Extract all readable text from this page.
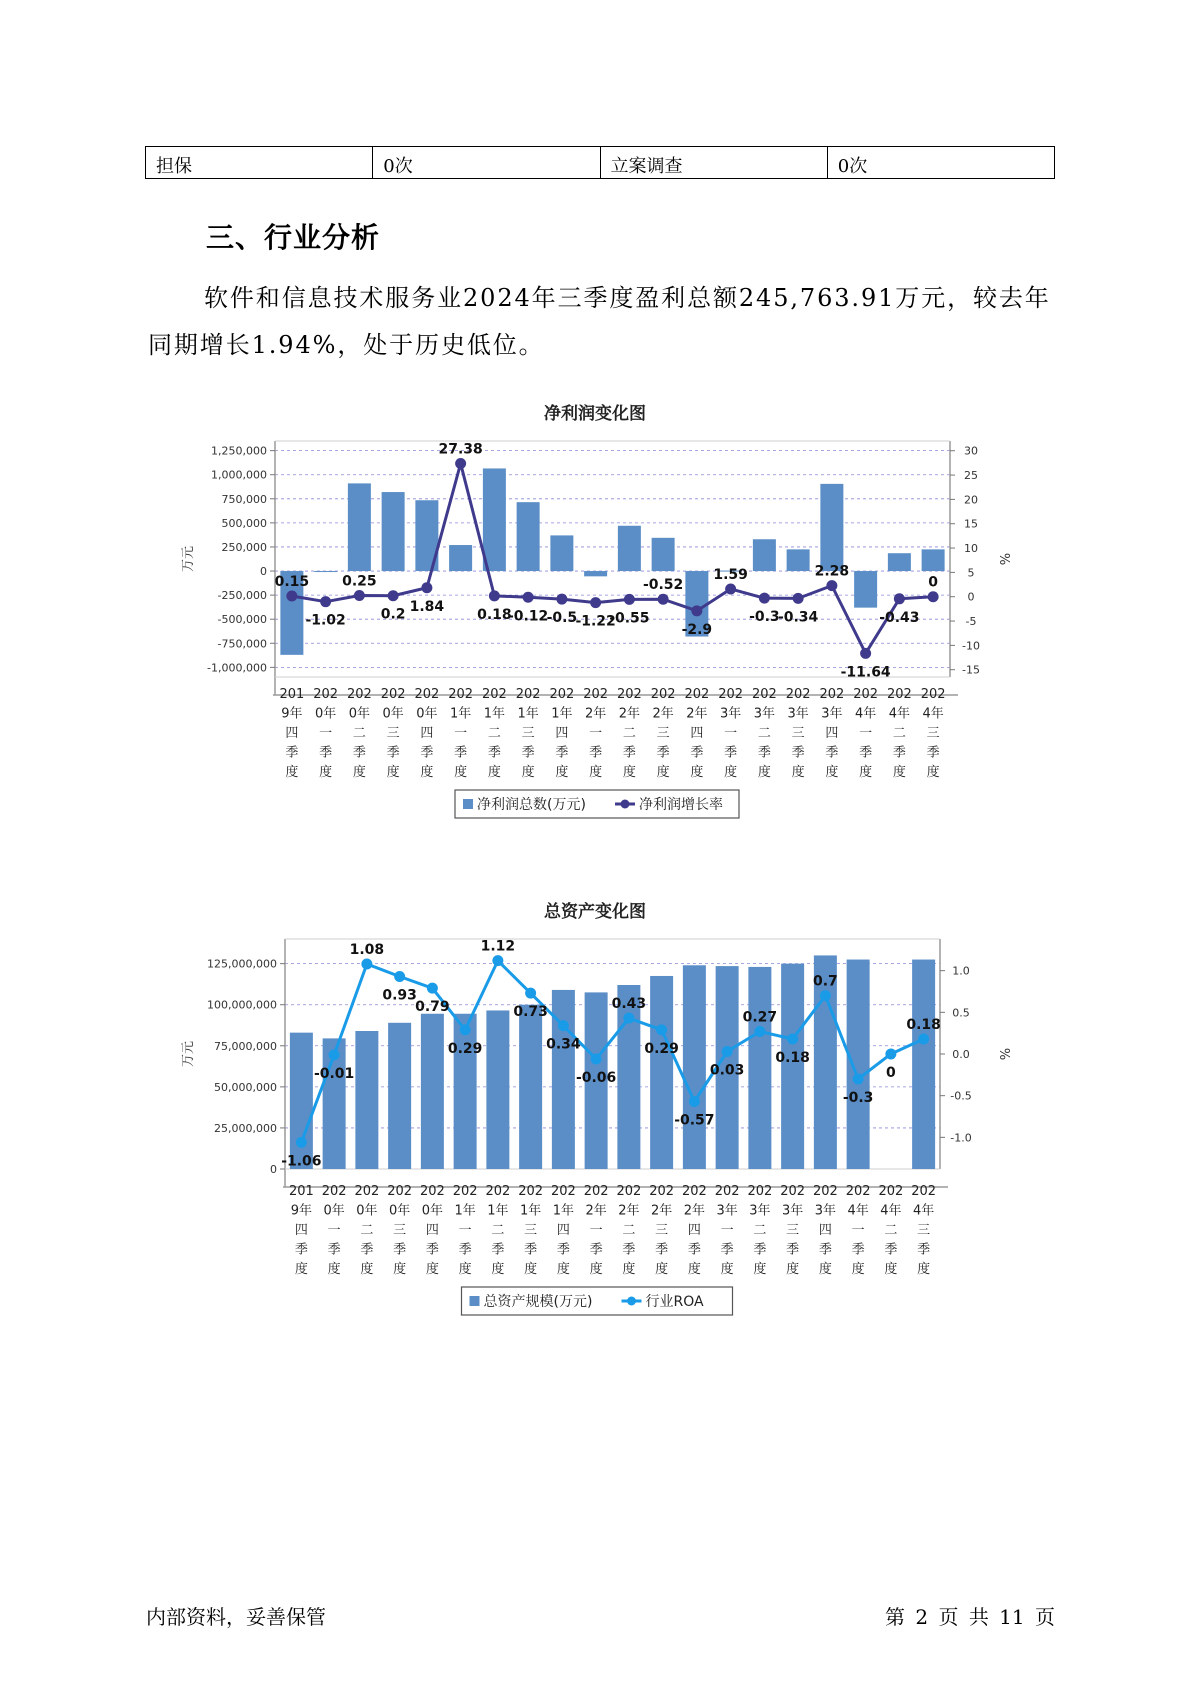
担保	0次	立案调查	0次
三、行业分析
软件和信息技术服务业2024年三季度盈利总额245,763.91万元，较去年同期增长1.94%，处于历史低位。
净利润变化图
-1,000,000
-750,000
-500,000
-250,000
0
250,000
500,000
750,000
1,000,000
1,250,000
-15
-10
-5
0
5
10
15
20
25
30
万元	%
0.15
-1.02
0.25
0.2 1.84
27.38
0.18
-0.12
-0.5
-1.22
-0.55
-0.52
-2.9
1.59
-0.3
-0.34
2.28
-11.64
-0.43
0
201 9年四季度
202 0年一季度
202 0年二季度
202 0年三季度
202 0年四季度
202 1年一季度
202 1年二季度
202 1年三季度
202 1年四季度
202 2年一季度
202 2年二季度
202 2年三季度
202 2年四季度
202 3年一季度
202 3年二季度
202 3年三季度
202 3年四季度
202 4年一季度
202 4年二季度
202 4年三季度
净利润总数(万元)	净利润增长率
总资产变化图
0
25,000,000
50,000,000
75,000,000
100,000,000
125,000,000
-1.0
-0.5
0.0
0.5
1.0
万元	%
-1.06
-0.01
1.08
0.93
0.79
0.29
1.12
0.73
0.34
-0.06
0.43
0.29
-0.57
0.03
0.27
0.18
0.7
-0.3
0
0.18
201 9年四季度
202 0年一季度
202 0年二季度
202 0年三季度
202 0年四季度
202 1年一季度
202 1年二季度
202 1年三季度
202 1年四季度
202 2年一季度
202 2年二季度
202 2年三季度
202 2年四季度
202 3年一季度
202 3年二季度
202 3年三季度
202 3年四季度
202 4年一季度
202 4年二季度
202 4年三季度
总资产规模(万元)	行业ROA
内部资料，妥善保管	第 2 页 共 11 页
